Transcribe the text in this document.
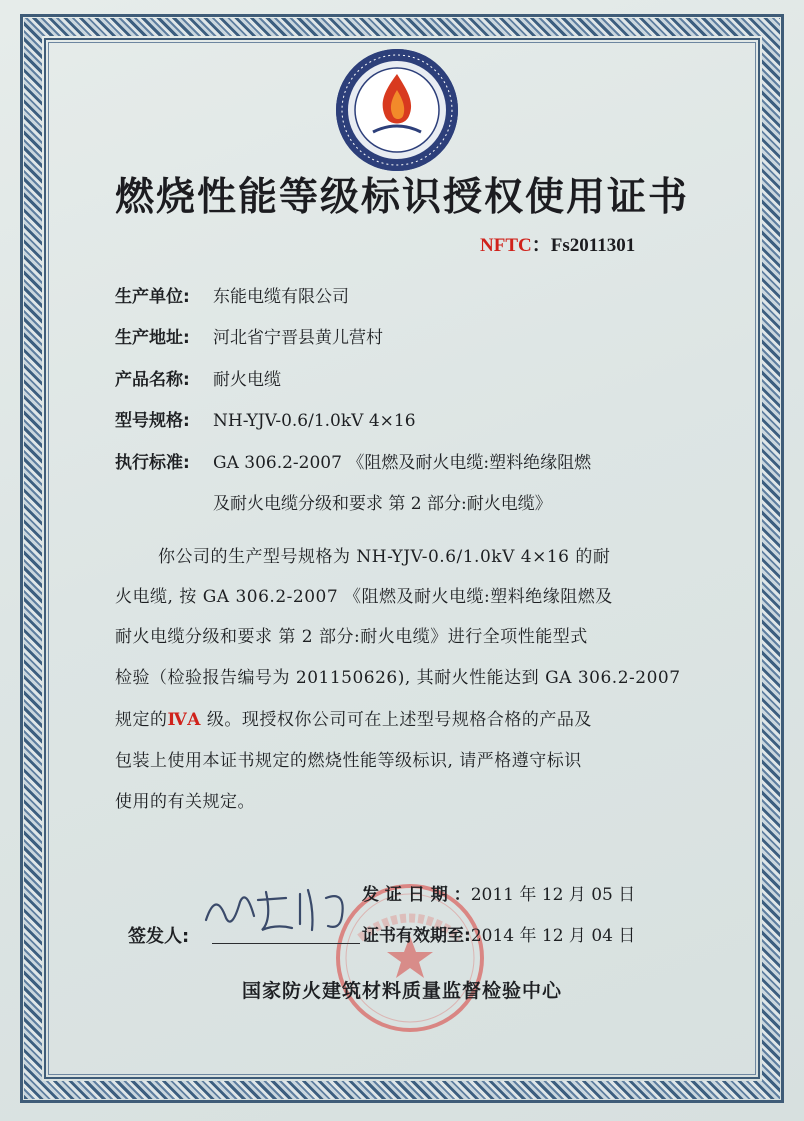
燃烧性能等级标识授权使用证书
NFTC：Fs2011301
生产单位: 东能电缆有限公司
生产地址: 河北省宁晋县黄儿营村
产品名称: 耐火电缆
型号规格: NH-YJV-0.6/1.0kV 4×16
执行标准: GA 306.2-2007 《阻燃及耐火电缆:塑料绝缘阻燃
及耐火电缆分级和要求 第 2 部分:耐火电缆》
你公司的生产型号规格为 NH-YJV-0.6/1.0kV 4×16 的耐
火电缆, 按 GA 306.2-2007 《阻燃及耐火电缆:塑料绝缘阻燃及
耐火电缆分级和要求 第 2 部分:耐火电缆》进行全项性能型式
检验（检验报告编号为 201150626), 其耐火性能达到 GA 306.2-2007
规定的ⅣA 级。现授权你公司可在上述型号规格合格的产品及
包装上使用本证书规定的燃烧性能等级标识, 请严格遵守标识
使用的有关规定。
发 证 日 期 ：2011 年 12 月 05 日
证书有效期至:2014 年 12 月 04 日
签发人:
国家防火建筑材料质量监督检验中心
